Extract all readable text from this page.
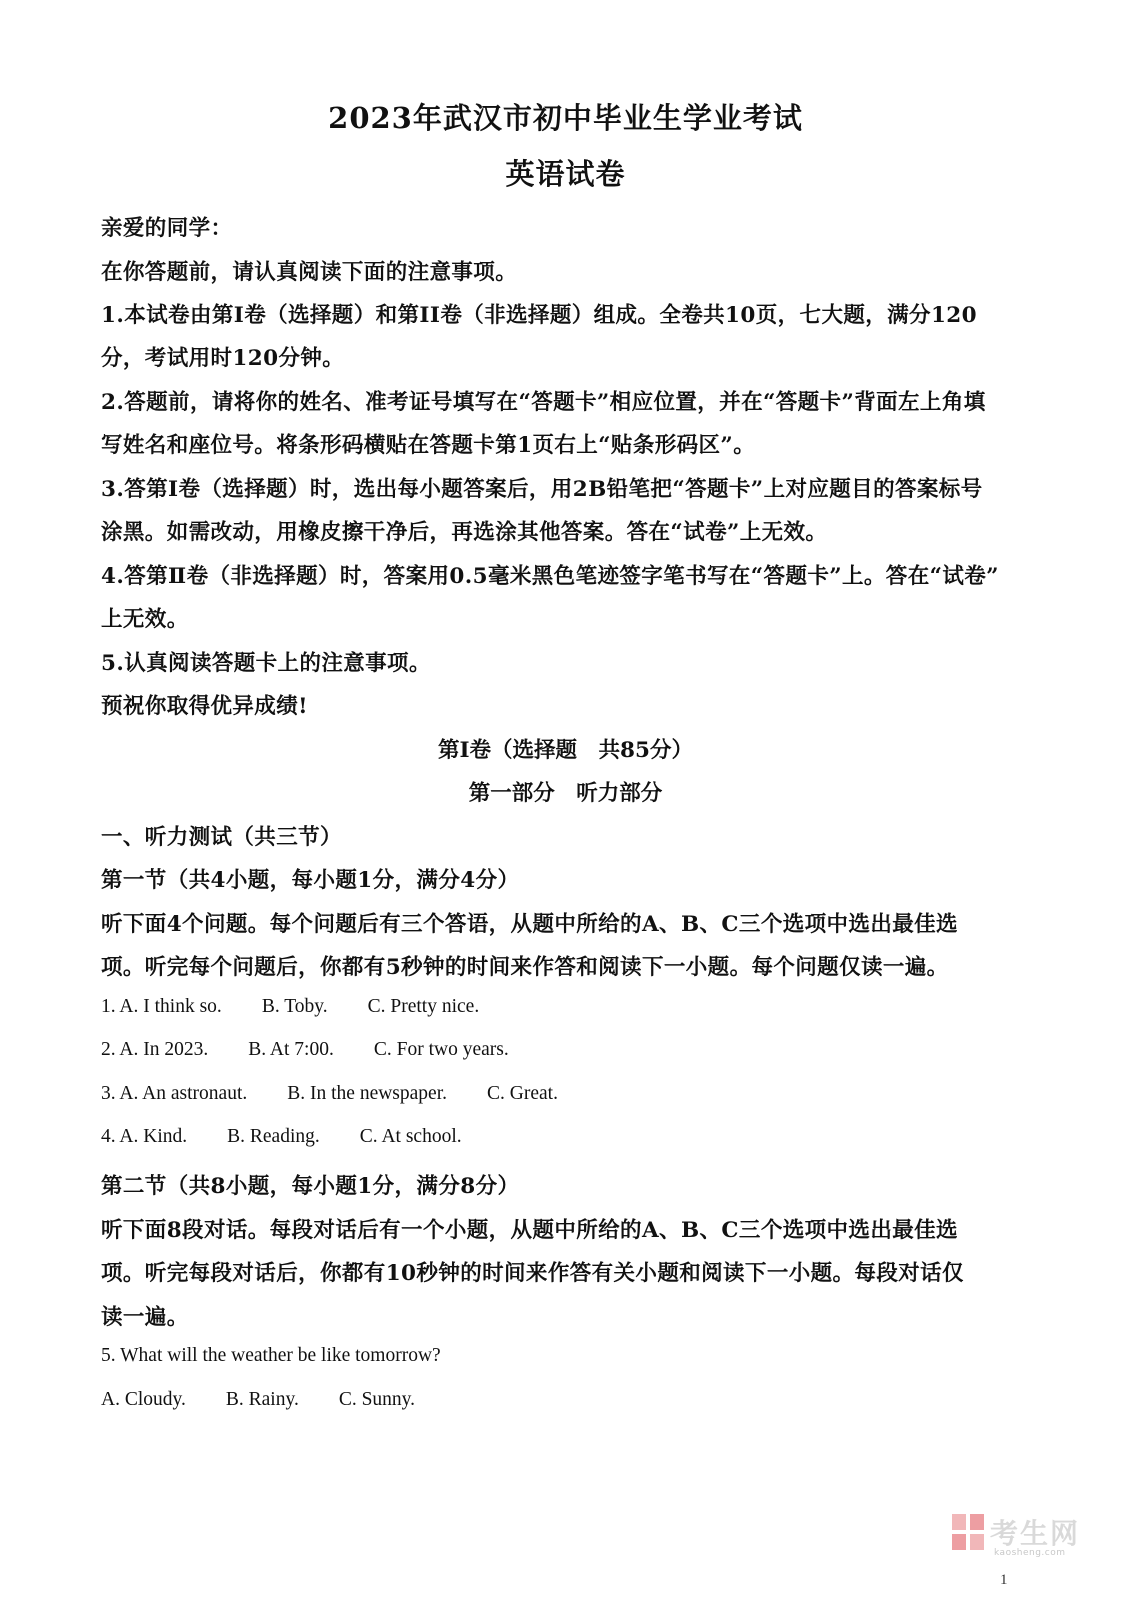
2023年武汉市初中毕业生学业考试
英语试卷
亲爱的同学：
在你答题前，请认真阅读下面的注意事项。
1.本试卷由第Ⅰ卷（选择题）和第II卷（非选择题）组成。全卷共10页，七大题，满分120
分，考试用时120分钟。
2.答题前，请将你的姓名、准考证号填写在“答题卡”相应位置，并在“答题卡”背面左上角填
写姓名和座位号。将条形码横贴在答题卡第1页右上“贴条形码区”。
3.答第Ⅰ卷（选择题）时，选出每小题答案后，用2B铅笔把“答题卡”上对应题目的答案标号
涂黑。如需改动，用橡皮擦干净后，再选涂其他答案。答在“试卷”上无效。
4.答第Ⅱ卷（非选择题）时，答案用0.5毫米黑色笔迹签字笔书写在“答题卡”上。答在“试卷”
上无效。
5.认真阅读答题卡上的注意事项。
预祝你取得优异成绩!
第Ⅰ卷（选择题　共85分）
第一部分　听力部分
一、听力测试（共三节）
第一节（共4小题，每小题1分，满分4分）
听下面4个问题。每个问题后有三个答语，从题中所给的A、B、C三个选项中选出最佳选
项。听完每个问题后，你都有5秒钟的时间来作答和阅读下一小题。每个问题仅读一遍。
1. A. I think so. B. Toby. C. Pretty nice.
2. A. In 2023. B. At 7:00. C. For two years.
3. A. An astronaut. B. In the newspaper. C. Great.
4. A. Kind. B. Reading. C. At school.
第二节（共8小题，每小题1分，满分8分）
听下面8段对话。每段对话后有一个小题，从题中所给的A、B、C三个选项中选出最佳选
项。听完每段对话后，你都有10秒钟的时间来作答有关小题和阅读下一小题。每段对话仅
读一遍。
5. What will the weather be like tomorrow?
A. Cloudy. B. Rainy. C. Sunny.
考生网
kaosheng.com
1
